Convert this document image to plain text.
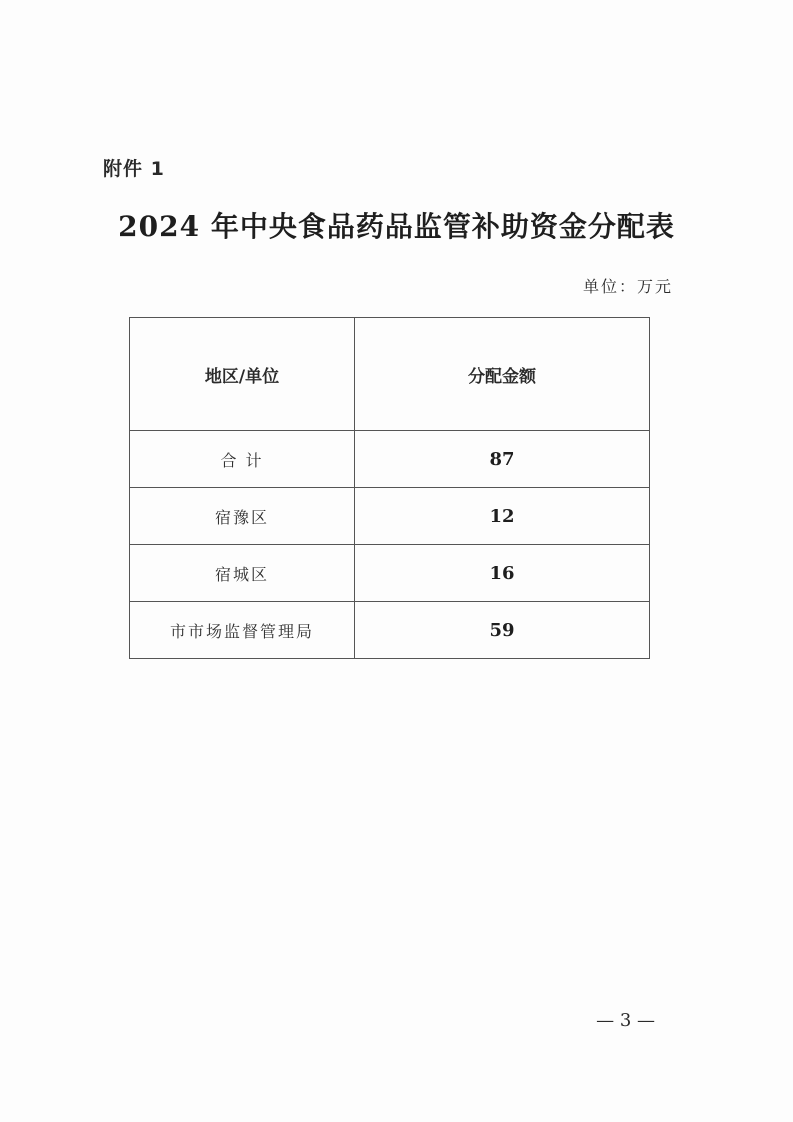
附件 1
2024 年中央食品药品监管补助资金分配表
单位：万元
地区/单位	分配金额
合 计	87
宿豫区	12
宿城区	16
市市场监督管理局	59
— 3 —
